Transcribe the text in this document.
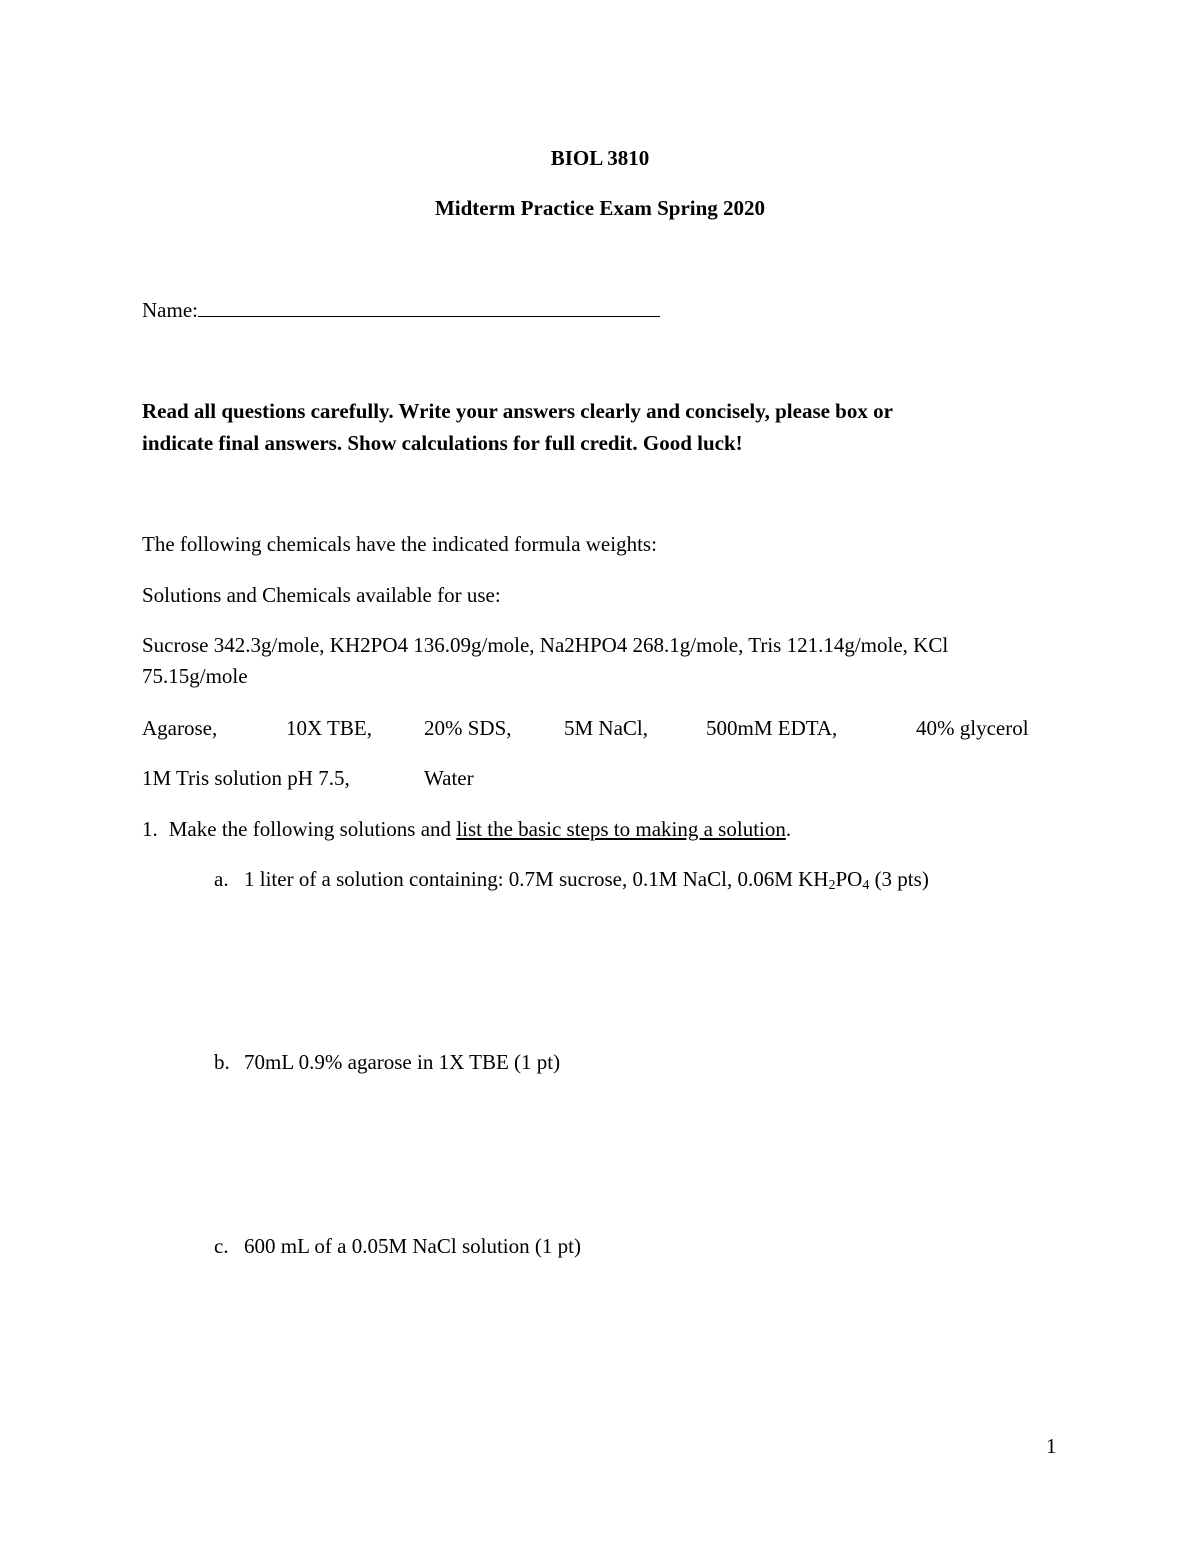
BIOL 3810
Midterm Practice Exam Spring 2020
Name:
Read all questions carefully. Write your answers clearly and concisely, please box or
indicate final answers. Show calculations for full credit. Good luck!
The following chemicals have the indicated formula weights:
Solutions and Chemicals available for use:
Sucrose 342.3g/mole, KH2PO4 136.09g/mole, Na2HPO4 268.1g/mole, Tris 121.14g/mole, KCl
75.15g/mole
Agarose,	10X TBE, 20% SDS, 5M NaCl,	500mM EDTA,	40% glycerol
1M Tris solution pH 7.5,	Water
1. Make the following solutions and list the basic steps to making a solution.
a. 1 liter of a solution containing: 0.7M sucrose, 0.1M NaCl, 0.06M $KH_2PO_4$ (3 pts)
b. 70mL 0.9% agarose in 1X TBE (1 pt)
c. 600 mL of a 0.05M NaCl solution (1 pt)
1
